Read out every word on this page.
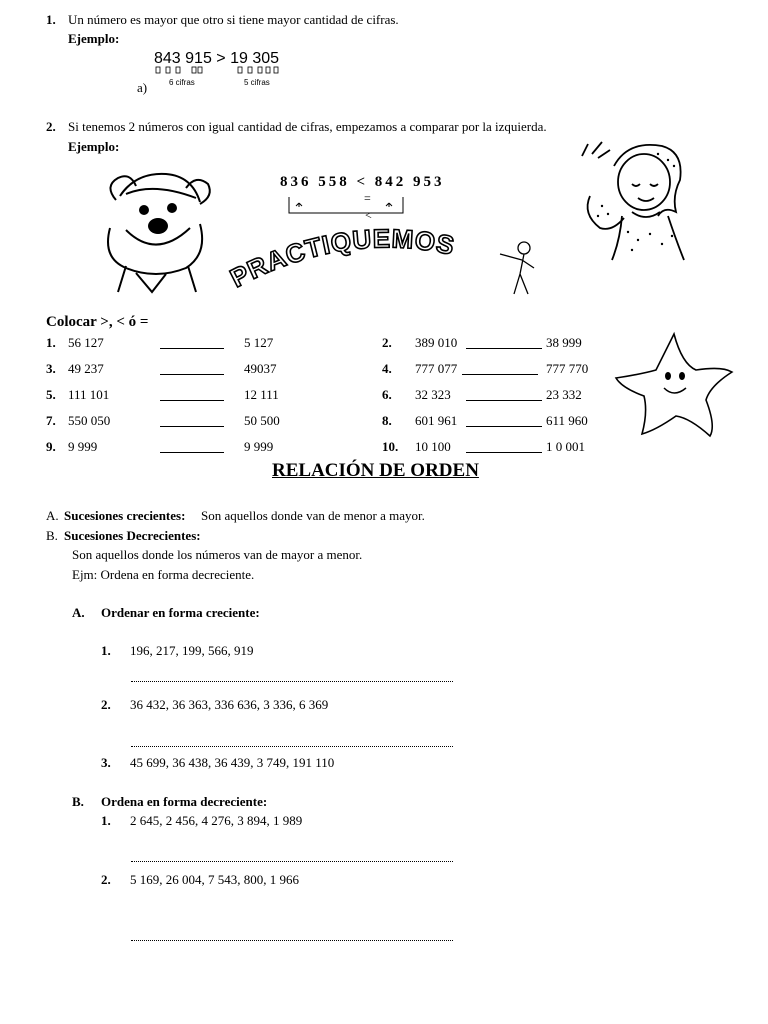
1. Un número es mayor que otro si tiene mayor cantidad de cifras.
Ejemplo:
843 915 > 19 305
6 cifras	5 cifras
a)
2. Si tenemos 2 números con igual cantidad de cifras, empezamos a comparar por la izquierda.
Ejemplo:
836 558 < 842 953
=
<
PRACTIQUEMOS
Colocar >, < ó =
1. 56 127	5 127	2. 389 010	38 999
3. 49 237	49037	4. 777 077	777 770
5. 111 101	12 111	6. 32 323	23 332
7. 550 050	50 500	8. 601 961	611 960
9. 9 999	9 999	10. 10 100	1 0 001
RELACIÓN DE ORDEN
A. Sucesiones crecientes: Son aquellos donde van de menor a mayor.
B. Sucesiones Decrecientes:
Son aquellos donde los números van de mayor a menor.
Ejm: Ordena en forma decreciente.
A. Ordenar en forma creciente:
1. 196, 217, 199, 566, 919
2. 36 432, 36 363, 336 636, 3 336, 6 369
3. 45 699, 36 438, 36 439, 3 749, 191 110
B. Ordena en forma decreciente:
1. 2 645, 2 456, 4 276, 3 894, 1 989
2. 5 169, 26 004, 7 543, 800, 1 966
